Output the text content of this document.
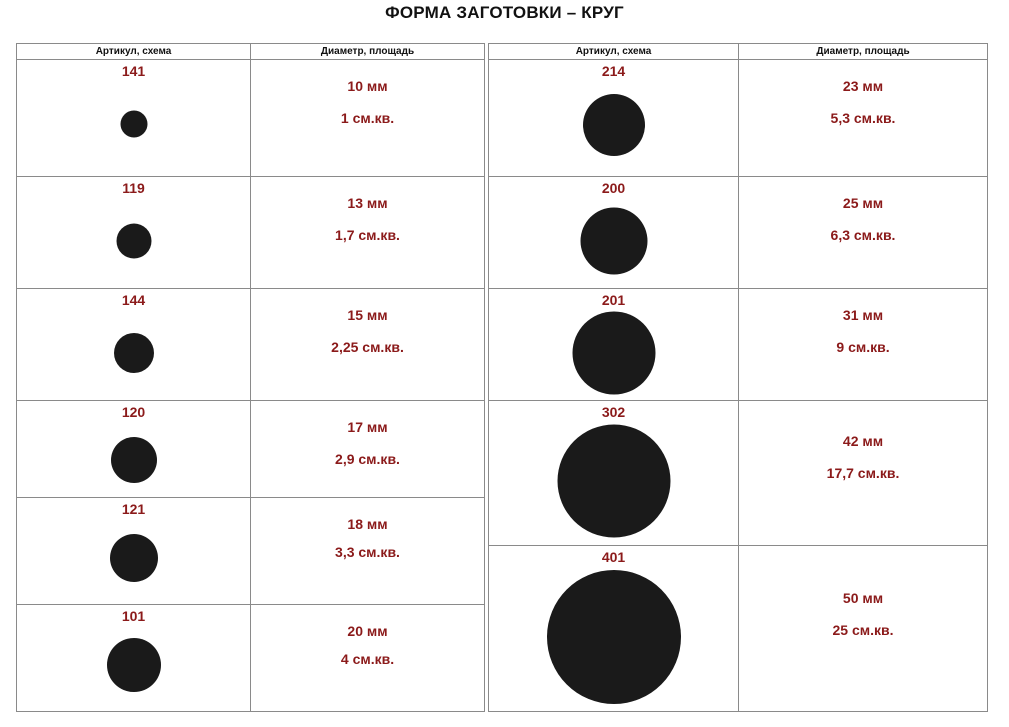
ФОРМА ЗАГОТОВКИ – КРУГ
Артикул, схема	Диаметр, площадь

141	10 мм
1 см.кв.

119	13 мм
1,7 см.кв.

144	15 мм
2,25 см.кв.

120	17 мм
2,9 см.кв.

121	18 мм
3,3 см.кв.

101	20 мм
4 см.кв.
Артикул, схема	Диаметр, площадь

214	23 мм
5,3 см.кв.

200	25 мм
6,3 см.кв.

201	31 мм
9 см.кв.

302	42 мм
17,7 см.кв.

401	50 мм
25 см.кв.
